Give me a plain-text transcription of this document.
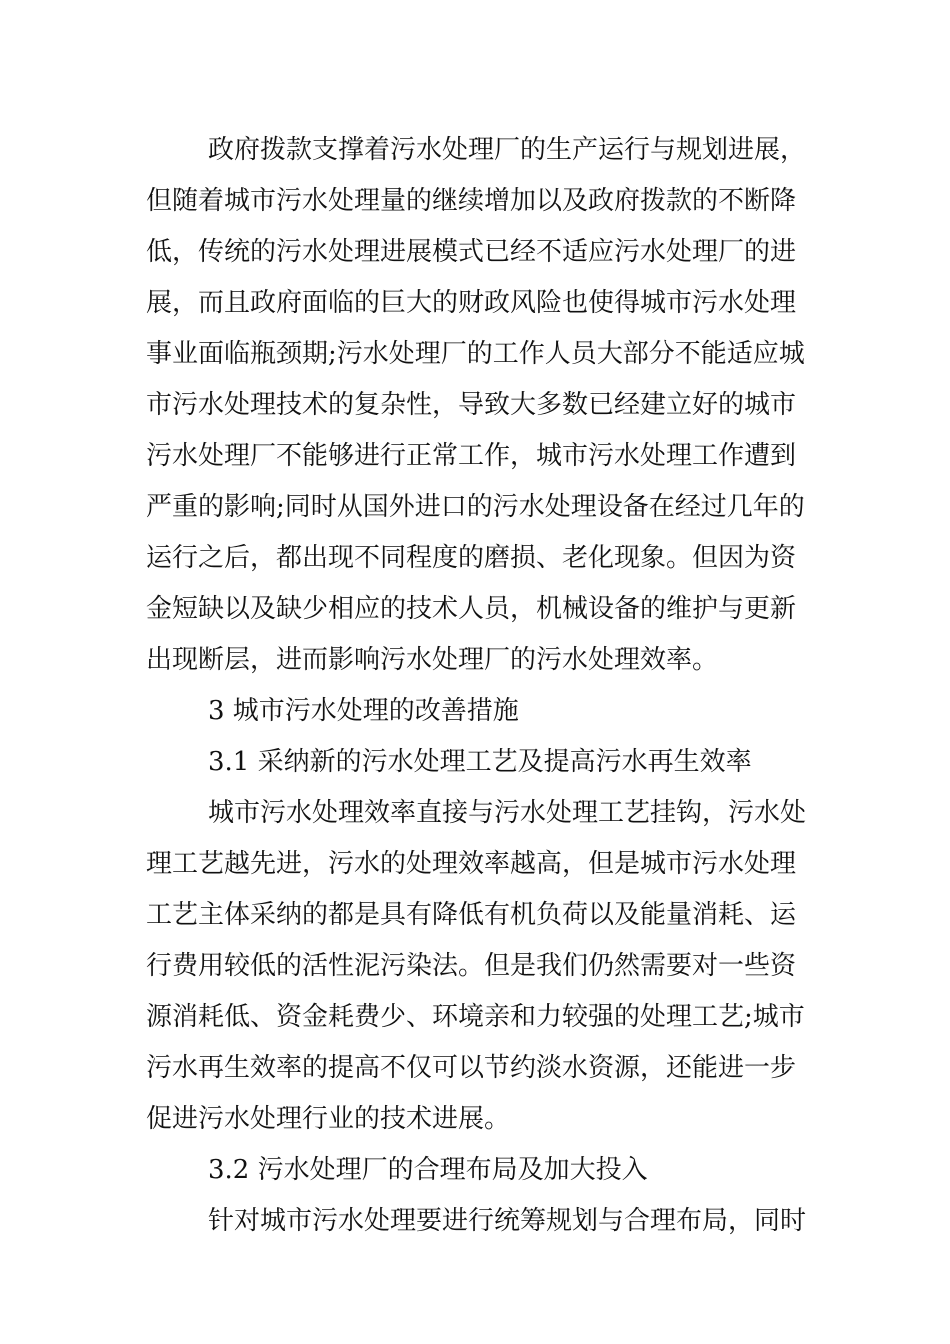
政府拨款支撑着污水处理厂的生产运行与规划进展，
但随着城市污水处理量的继续增加以及政府拨款的不断降
低，传统的污水处理进展模式已经不适应污水处理厂的进
展，而且政府面临的巨大的财政风险也使得城市污水处理
事业面临瓶颈期;污水处理厂的工作人员大部分不能适应城
市污水处理技术的复杂性，导致大多数已经建立好的城市
污水处理厂不能够进行正常工作，城市污水处理工作遭到
严重的影响;同时从国外进口的污水处理设备在经过几年的
运行之后，都出现不同程度的磨损、老化现象。但因为资
金短缺以及缺少相应的技术人员，机械设备的维护与更新
出现断层，进而影响污水处理厂的污水处理效率。
3 城市污水处理的改善措施
3.1 采纳新的污水处理工艺及提高污水再生效率
城市污水处理效率直接与污水处理工艺挂钩，污水处
理工艺越先进，污水的处理效率越高，但是城市污水处理
工艺主体采纳的都是具有降低有机负荷以及能量消耗、运
行费用较低的活性泥污染法。但是我们仍然需要对一些资
源消耗低、资金耗费少、环境亲和力较强的处理工艺;城市
污水再生效率的提高不仅可以节约淡水资源，还能进一步
促进污水处理行业的技术进展。
3.2 污水处理厂的合理布局及加大投入
针对城市污水处理要进行统筹规划与合理布局，同时
